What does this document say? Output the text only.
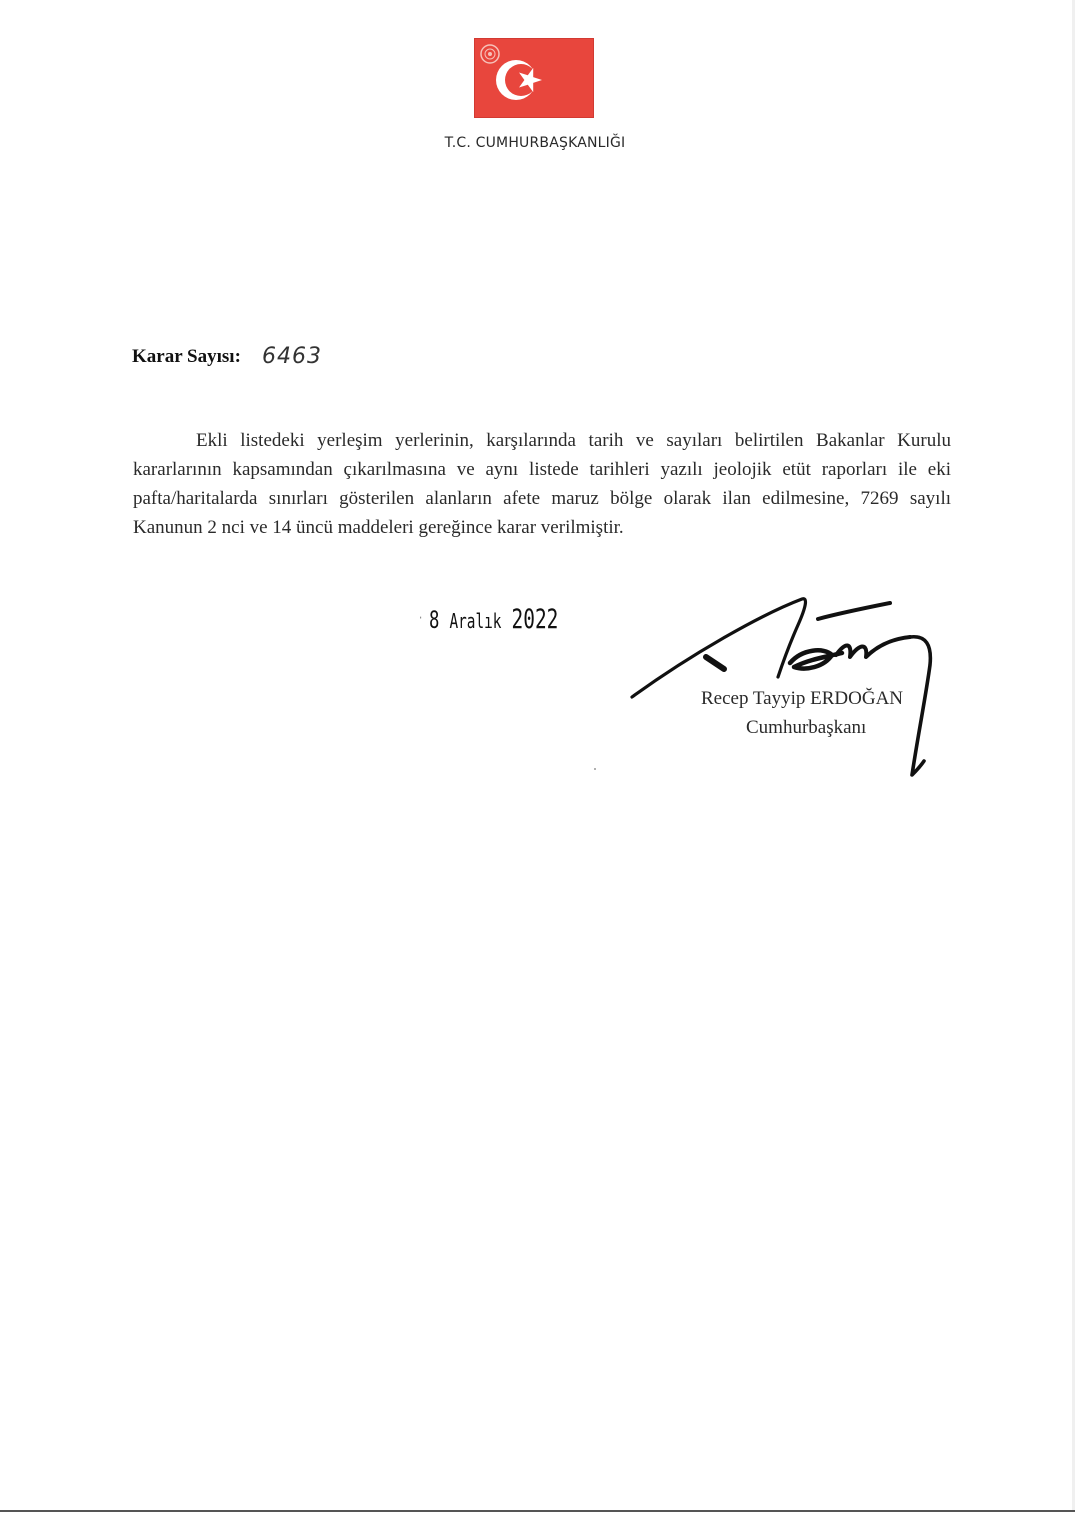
T.C. CUMHURBAŞKANLIĞI
Karar Sayısı: 6463

Ekli listedeki yerleşim yerlerinin, karşılarında tarih ve sayıları belirtilen Bakanlar Kurulu kararlarının kapsamından çıkarılmasına ve aynı listede tarihleri yazılı jeolojik etüt raporları ile eki pafta/haritalarda sınırları gösterilen alanların afete maruz bölge olarak ilan edilmesine, 7269 sayılı Kanunun 2 nci ve 14 üncü maddeleri gereğince karar verilmiştir.

· 8 Aralık 2022
Recep Tayyip ERDOĞAN
Cumhurbaşkanı
